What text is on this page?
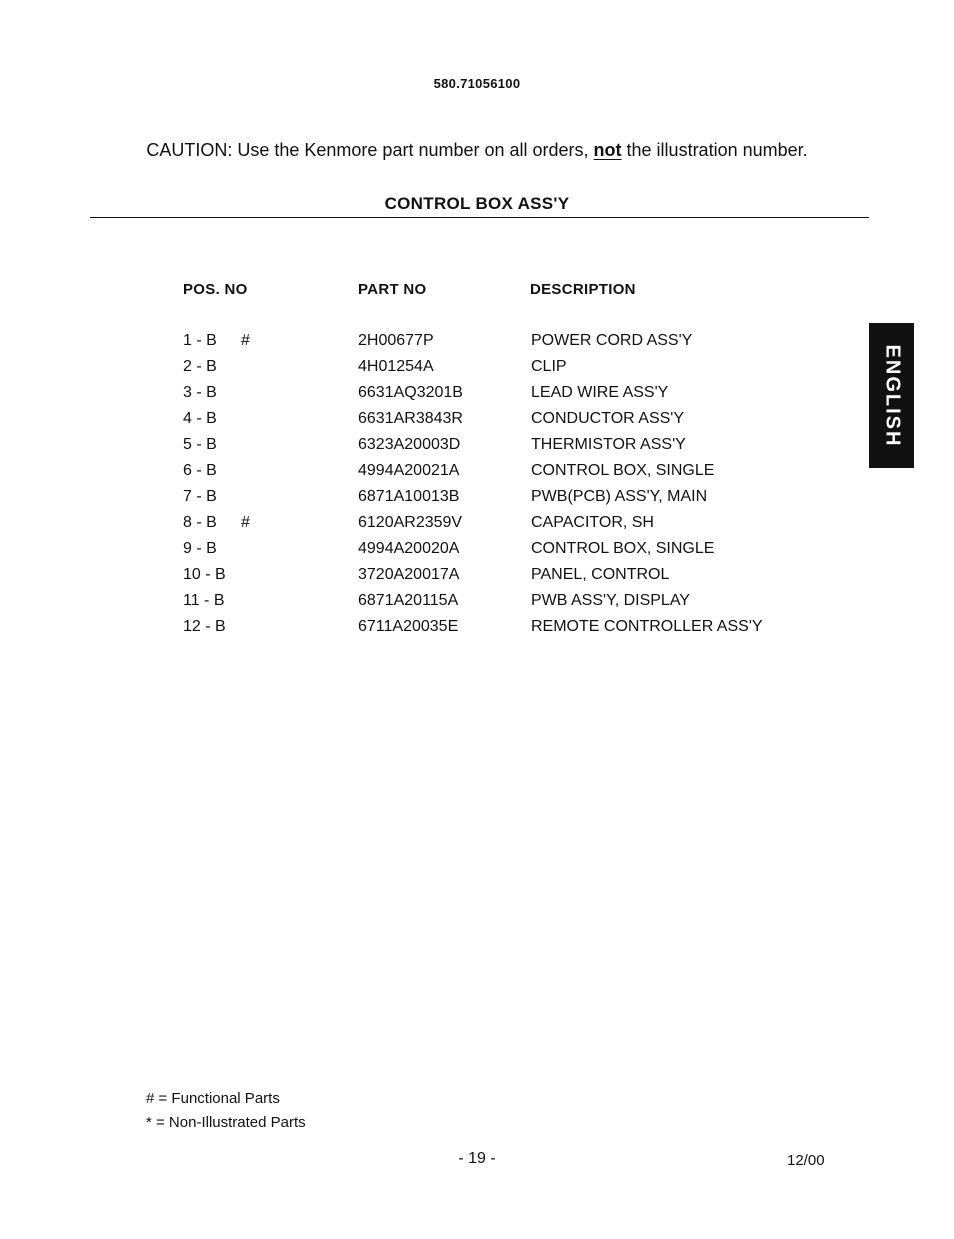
580.71056100
CAUTION: Use the Kenmore part number on all orders, not the illustration number.
CONTROL BOX ASS'Y
POS. NO	PART NO	DESCRIPTION
1 - B #	2H00677P	POWER CORD ASS'Y
2 - B	4H01254A	CLIP
3 - B	6631AQ3201B	LEAD WIRE ASS'Y
4 - B	6631AR3843R	CONDUCTOR ASS'Y
5 - B	6323A20003D	THERMISTOR ASS'Y
6 - B	4994A20021A	CONTROL BOX, SINGLE
7 - B	6871A10013B	PWB(PCB) ASS'Y, MAIN
8 - B #	6120AR2359V	CAPACITOR, SH
9 - B	4994A20020A	CONTROL BOX, SINGLE
10 - B	3720A20017A	PANEL, CONTROL
11 - B	6871A20115A	PWB ASS'Y, DISPLAY
12 - B	6711A20035E	REMOTE CONTROLLER ASS'Y
ENGLISH
# = Functional Parts
* = Non-Illustrated Parts
- 19 -	12/00
